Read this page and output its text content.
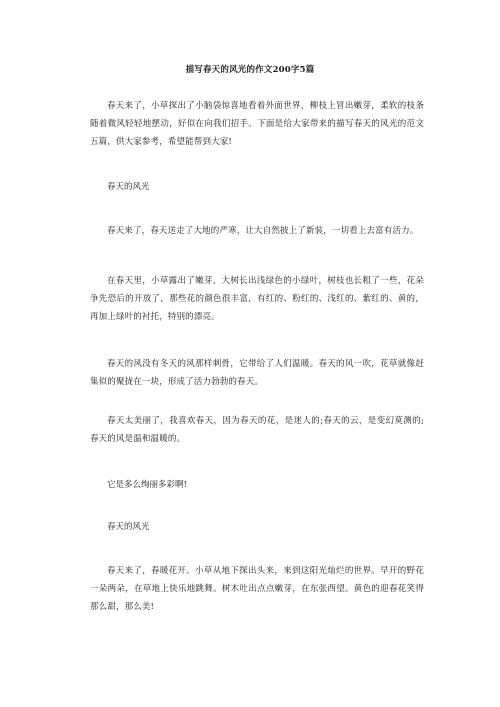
描写春天的风光的作文200字5篇

春天来了，小草探出了小脑袋惊喜地看着外面世界，柳枝上冒出嫩芽，柔软的枝条随着微风轻轻地摆动，好似在向我们招手。下面是给大家带来的描写春天的风光的范文五篇，供大家参考，希望能帮到大家!

春天的风光

春天来了，春天送走了大地的严寒，让大自然披上了新装，一切看上去富有活力。

在春天里，小草露出了嫩芽，大树长出浅绿色的小绿叶，树枝也长粗了一些，花朵争先恐后的开放了，那些花的颜色很丰富，有红的、粉红的、浅红的、紫红的、黄的，再加上绿叶的衬托，特别的漂亮。

春天的风没有冬天的风那样刺骨，它带给了人们温暖。春天的风一吹，花草就像赶集似的聚拢在一块，形成了活力勃勃的春天。

春天太美丽了，我喜欢春天，因为春天的花，是迷人的;春天的云，是变幻莫测的;春天的风是温和温暖的。

它是多么绚丽多彩啊!

春天的风光

春天来了，春暖花开。小草从地下探出头来，来到这阳光灿烂的世界。早开的野花一朵两朵，在草地上快乐地跳舞。树木吐出点点嫩芽，在东张西望。黄色的迎春花笑得那么甜，那么美!
